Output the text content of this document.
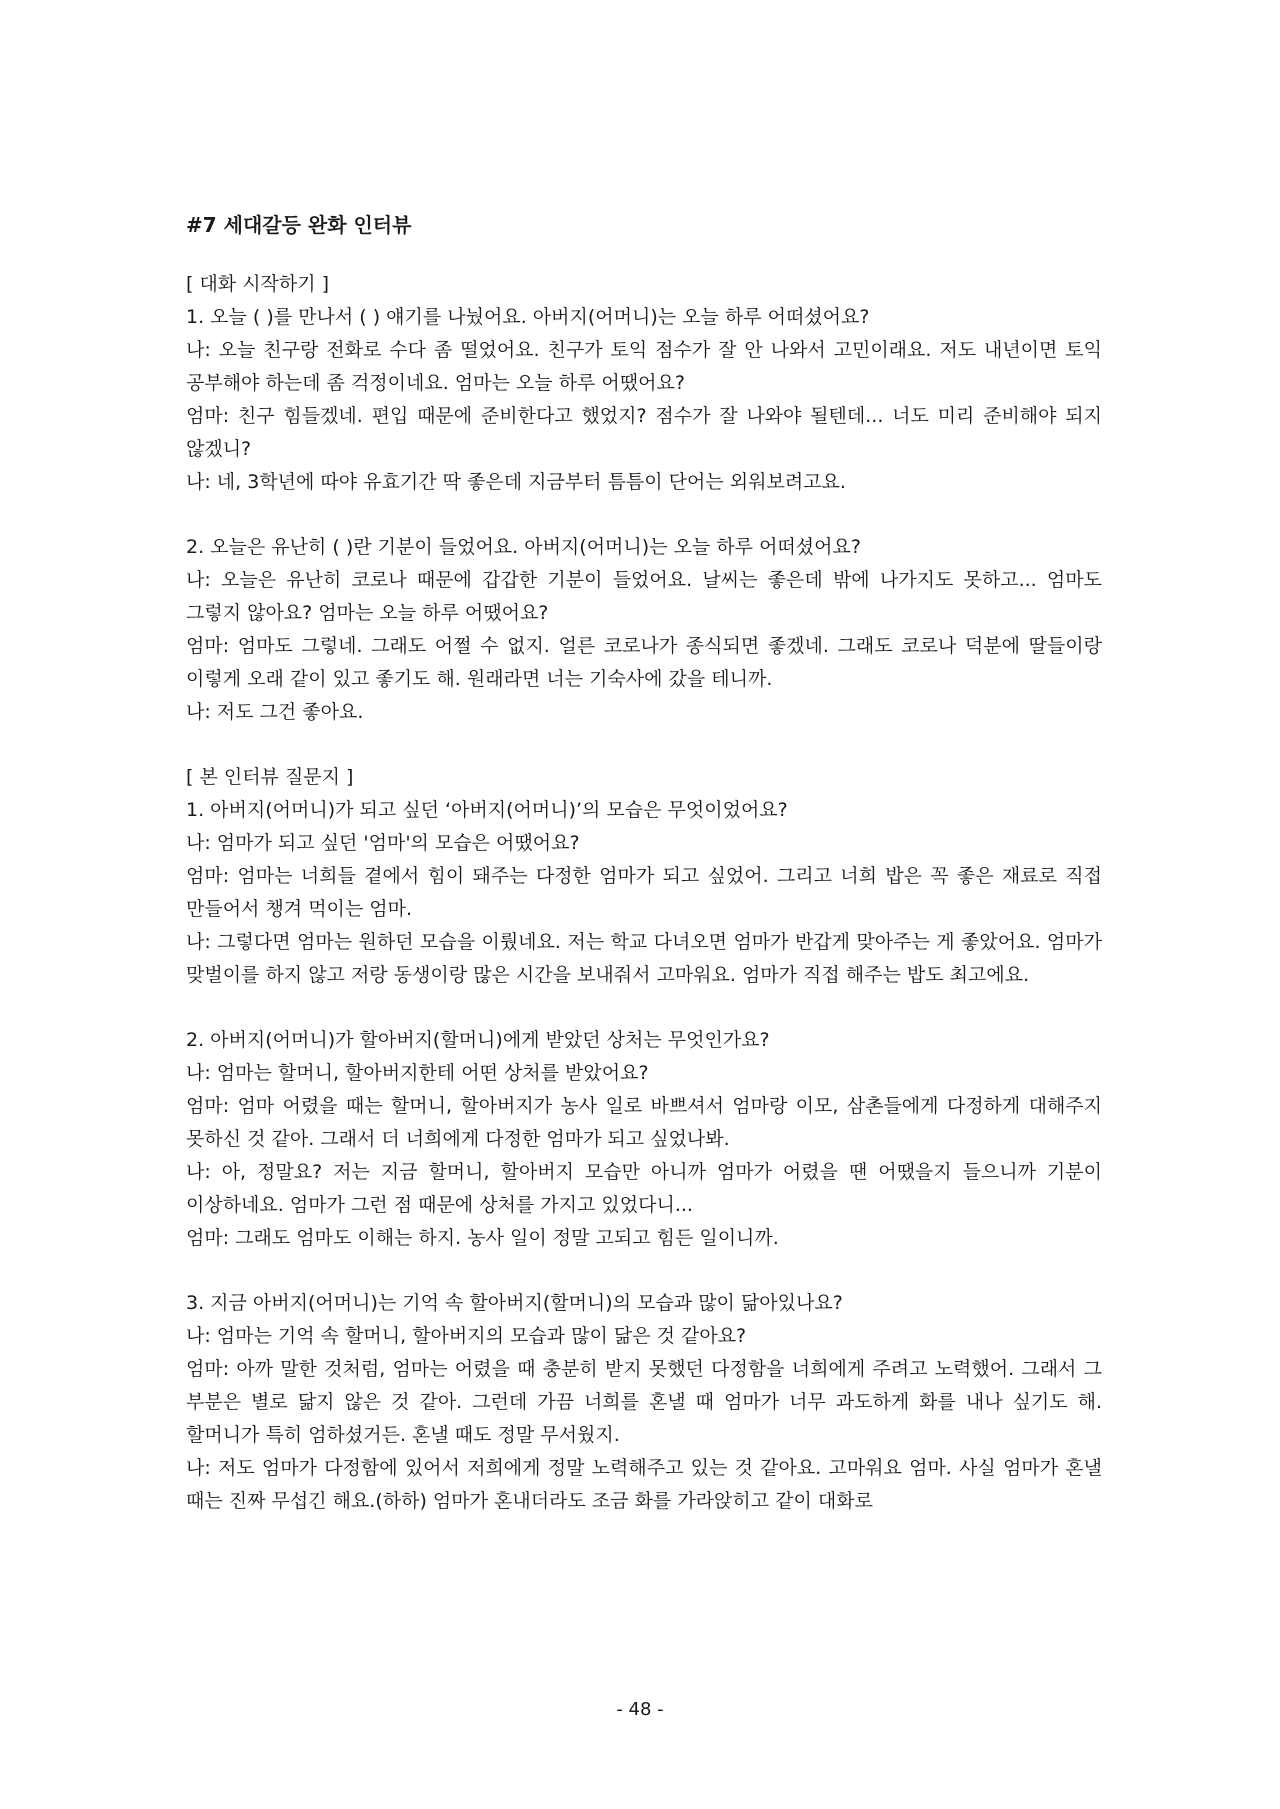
#7 세대갈등 완화 인터뷰

[ 대화 시작하기 ]

1. 오늘 ( )를 만나서 ( ) 얘기를 나눴어요. 아버지(어머니)는 오늘 하루 어떠셨어요?

나: 오늘 친구랑 전화로 수다 좀 떨었어요. 친구가 토익 점수가 잘 안 나와서 고민이래요. 저도 내년이면 토익 공부해야 하는데 좀 걱정이네요. 엄마는 오늘 하루 어땠어요?

엄마: 친구 힘들겠네. 편입 때문에 준비한다고 했었지? 점수가 잘 나와야 될텐데... 너도 미리 준비해야 되지 않겠니?

나: 네, 3학년에 따야 유효기간 딱 좋은데 지금부터 틈틈이 단어는 외워보려고요.

2. 오늘은 유난히 ( )란 기분이 들었어요. 아버지(어머니)는 오늘 하루 어떠셨어요?

나: 오늘은 유난히 코로나 때문에 갑갑한 기분이 들었어요. 날씨는 좋은데 밖에 나가지도 못하고... 엄마도 그렇지 않아요? 엄마는 오늘 하루 어땠어요?

엄마: 엄마도 그렇네. 그래도 어쩔 수 없지. 얼른 코로나가 종식되면 좋겠네. 그래도 코로나 덕분에 딸들이랑 이렇게 오래 같이 있고 좋기도 해. 원래라면 너는 기숙사에 갔을 테니까.

나: 저도 그건 좋아요.

[ 본 인터뷰 질문지 ]

1. 아버지(어머니)가 되고 싶던 ‘아버지(어머니)’의 모습은 무엇이었어요?

나: 엄마가 되고 싶던 '엄마'의 모습은 어땠어요?

엄마: 엄마는 너희들 곁에서 힘이 돼주는 다정한 엄마가 되고 싶었어. 그리고 너희 밥은 꼭 좋은 재료로 직접 만들어서 챙겨 먹이는 엄마.

나: 그렇다면 엄마는 원하던 모습을 이뤘네요. 저는 학교 다녀오면 엄마가 반갑게 맞아주는 게 좋았어요. 엄마가 맞벌이를 하지 않고 저랑 동생이랑 많은 시간을 보내줘서 고마워요. 엄마가 직접 해주는 밥도 최고에요.

2. 아버지(어머니)가 할아버지(할머니)에게 받았던 상처는 무엇인가요?

나: 엄마는 할머니, 할아버지한테 어떤 상처를 받았어요?

엄마: 엄마 어렸을 때는 할머니, 할아버지가 농사 일로 바쁘셔서 엄마랑 이모, 삼촌들에게 다정하게 대해주지 못하신 것 같아. 그래서 더 너희에게 다정한 엄마가 되고 싶었나봐.

나: 아, 정말요? 저는 지금 할머니, 할아버지 모습만 아니까 엄마가 어렸을 땐 어땠을지 들으니까 기분이 이상하네요. 엄마가 그런 점 때문에 상처를 가지고 있었다니...

엄마: 그래도 엄마도 이해는 하지. 농사 일이 정말 고되고 힘든 일이니까.

3. 지금 아버지(어머니)는 기억 속 할아버지(할머니)의 모습과 많이 닮아있나요?

나: 엄마는 기억 속 할머니, 할아버지의 모습과 많이 닮은 것 같아요?

엄마: 아까 말한 것처럼, 엄마는 어렸을 때 충분히 받지 못했던 다정함을 너희에게 주려고 노력했어. 그래서 그 부분은 별로 닮지 않은 것 같아. 그런데 가끔 너희를 혼낼 때 엄마가 너무 과도하게 화를 내나 싶기도 해. 할머니가 특히 엄하셨거든. 혼낼 때도 정말 무서웠지.

나: 저도 엄마가 다정함에 있어서 저희에게 정말 노력해주고 있는 것 같아요. 고마워요 엄마. 사실 엄마가 혼낼 때는 진짜 무섭긴 해요.(하하) 엄마가 혼내더라도 조금 화를 가라앉히고 같이 대화로

- 48 -
